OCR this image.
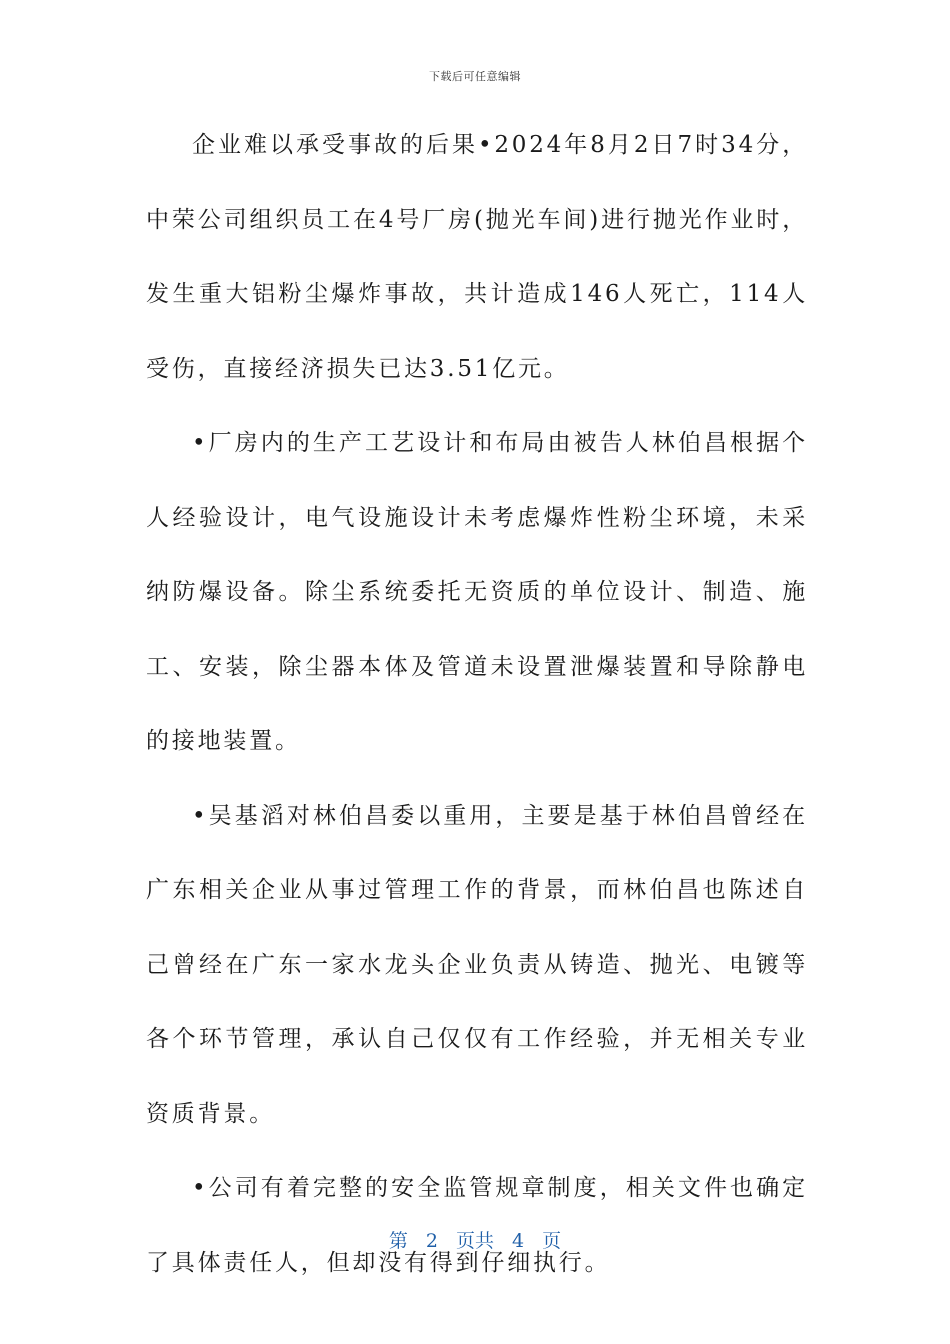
下载后可任意编辑

企业难以承受事故的后果•2024年8月2日7时34分，中荣公司组织员工在4号厂房(抛光车间)进行抛光作业时，发生重大铝粉尘爆炸事故，共计造成146人死亡，114人受伤，直接经济损失已达3.51亿元。

•厂房内的生产工艺设计和布局由被告人林伯昌根据个人经验设计，电气设施设计未考虑爆炸性粉尘环境，未采纳防爆设备。除尘系统委托无资质的单位设计、制造、施工、安装，除尘器本体及管道未设置泄爆装置和导除静电的接地装置。

•吴基滔对林伯昌委以重用，主要是基于林伯昌曾经在广东相关企业从事过管理工作的背景，而林伯昌也陈述自己曾经在广东一家水龙头企业负责从铸造、抛光、电镀等各个环节管理，承认自己仅仅有工作经验，并无相关专业资质背景。

•公司有着完整的安全监管规章制度，相关文件也确定了具体责任人，但却没有得到仔细执行。

第 2 页共 4 页
